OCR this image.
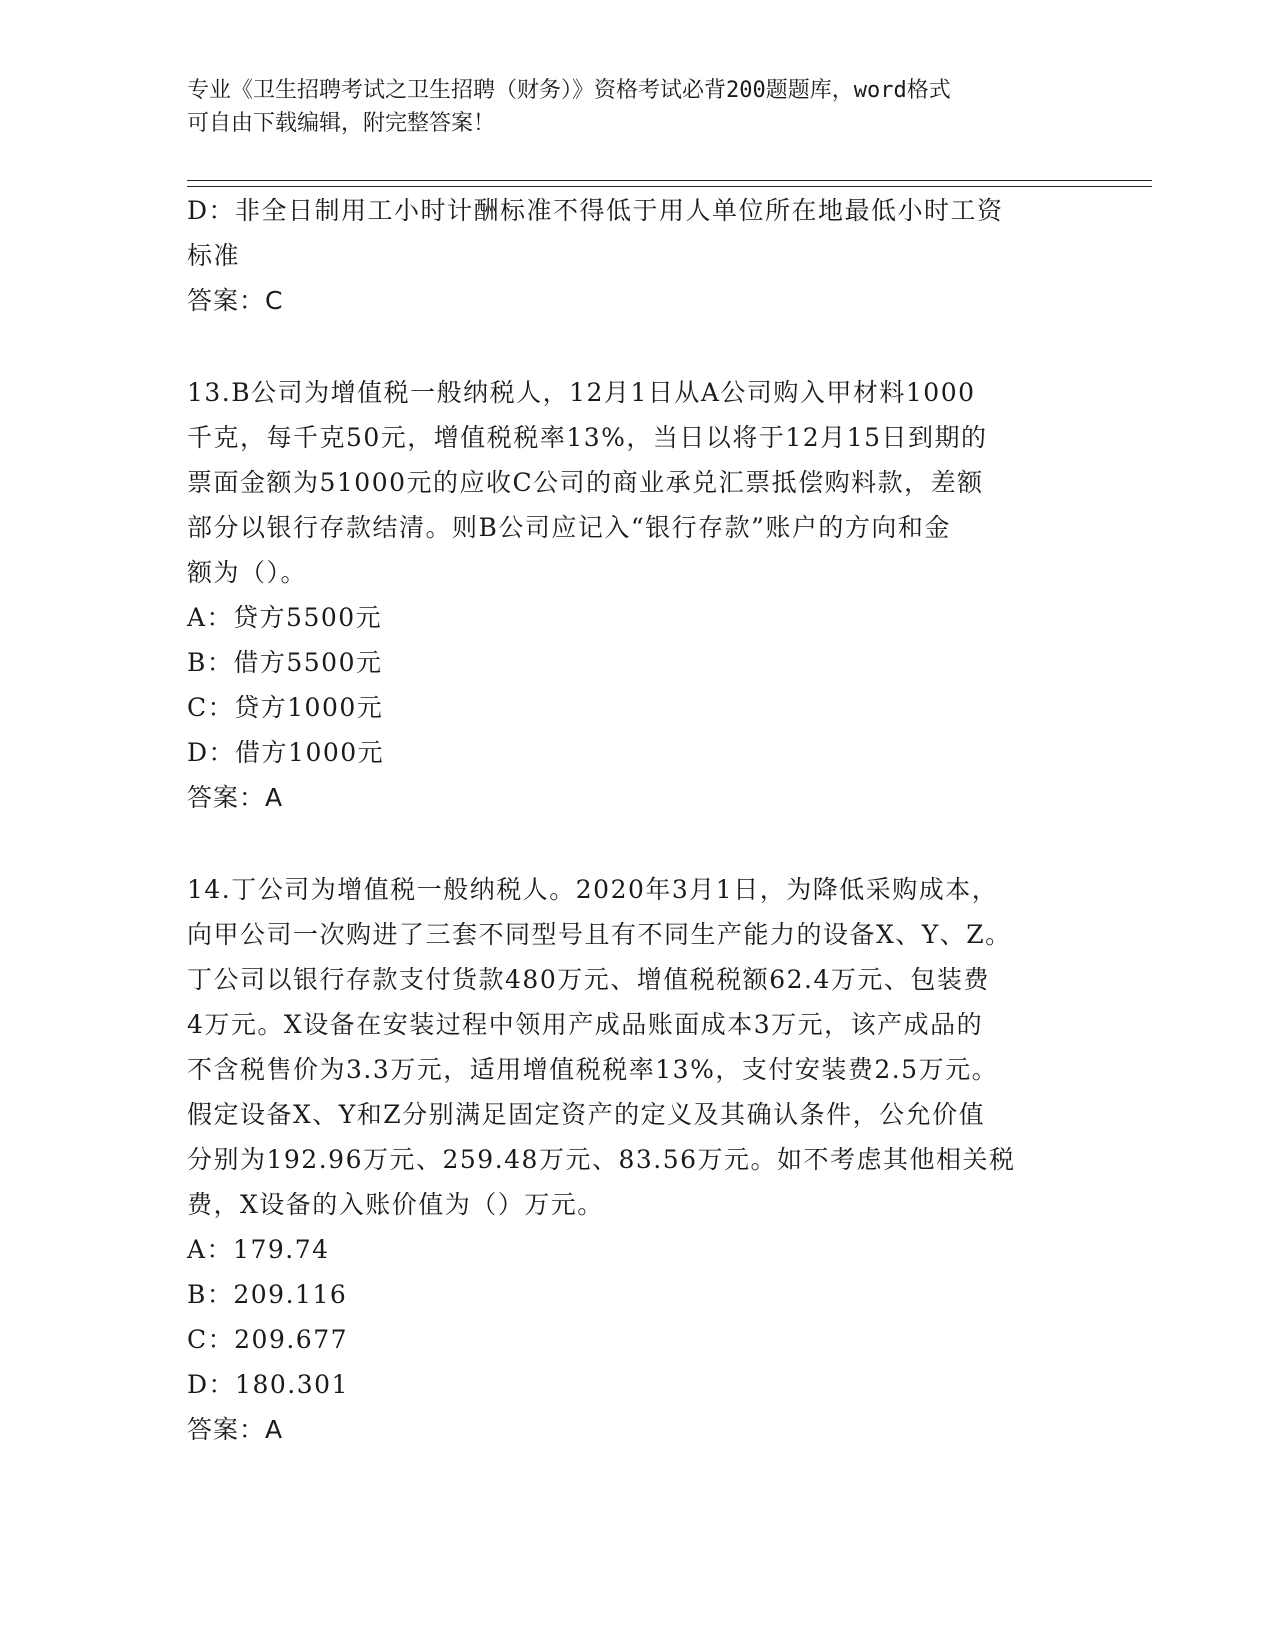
专业《卫生招聘考试之卫生招聘（财务）》资格考试必背200题题库，word格式
可自由下载编辑，附完整答案！
D：非全日制用工小时计酬标准不得低于用人单位所在地最低小时工资
标准
答案：C
13.B公司为增值税一般纳税人，12月1日从A公司购入甲材料1000
千克，每千克50元，增值税税率13%，当日以将于12月15日到期的
票面金额为51000元的应收C公司的商业承兑汇票抵偿购料款，差额
部分以银行存款结清。则B公司应记入“银行存款”账户的方向和金
额为（）。
A：贷方5500元
B：借方5500元
C：贷方1000元
D：借方1000元
答案：A
14.丁公司为增值税一般纳税人。2020年3月1日，为降低采购成本，
向甲公司一次购进了三套不同型号且有不同生产能力的设备X、Y、Z。
丁公司以银行存款支付货款480万元、增值税税额62.4万元、包装费
4万元。X设备在安装过程中领用产成品账面成本3万元，该产成品的
不含税售价为3.3万元，适用增值税税率13%，支付安装费2.5万元。
假定设备X、Y和Z分别满足固定资产的定义及其确认条件，公允价值
分别为192.96万元、259.48万元、83.56万元。如不考虑其他相关税
费，X设备的入账价值为（）万元。
A：179.74
B：209.116
C：209.677
D：180.301
答案：A
